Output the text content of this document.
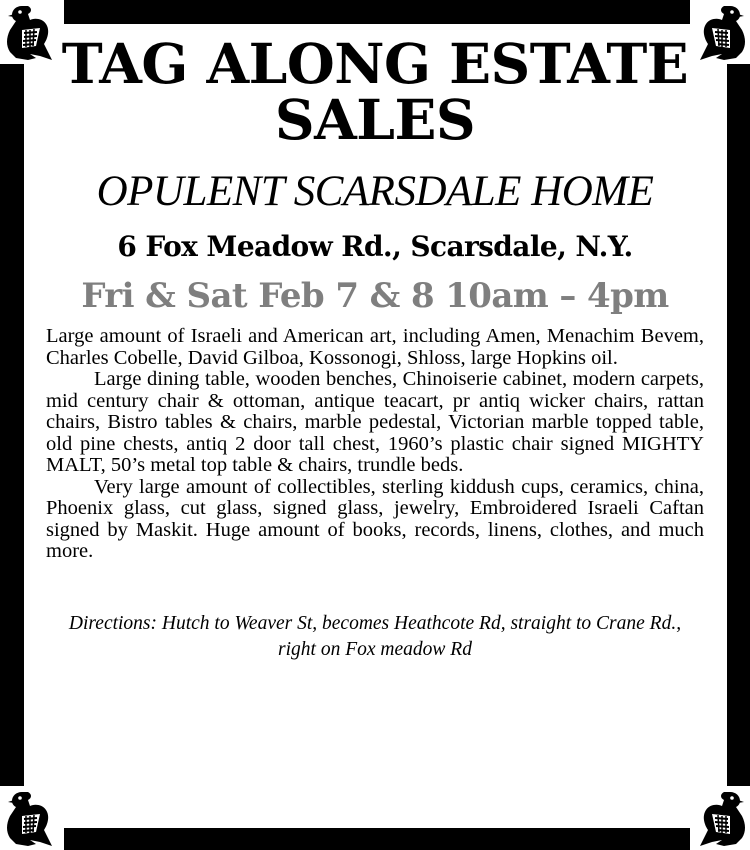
TAG ALONG ESTATE SALES
OPULENT SCARSDALE HOME
6 Fox Meadow Rd., Scarsdale, N.Y.
Fri & Sat Feb 7 & 8 10am – 4pm

Large amount of Israeli and American art, including Amen, Menachim Bevem, Charles Cobelle, David Gilboa, Kossonogi, Shloss, large Hopkins oil.

Large dining table, wooden benches, Chinoiserie cabinet, modern carpets, mid century chair & ottoman, antique teacart, pr antiq wicker chairs, rattan chairs, Bistro tables & chairs, marble pedestal, Victorian marble topped table, old pine chests, antiq 2 door tall chest, 1960’s plastic chair signed MIGHTY MALT, 50’s metal top table & chairs, trundle beds.

Very large amount of collectibles, sterling kiddush cups, ceramics, china, Phoenix glass, cut glass, signed glass, jewelry, Embroidered Israeli Caftan signed by Maskit. Huge amount of books, records, linens, clothes, and much more.

Directions: Hutch to Weaver St, becomes Heathcote Rd, straight to Crane Rd., right on Fox meadow Rd
